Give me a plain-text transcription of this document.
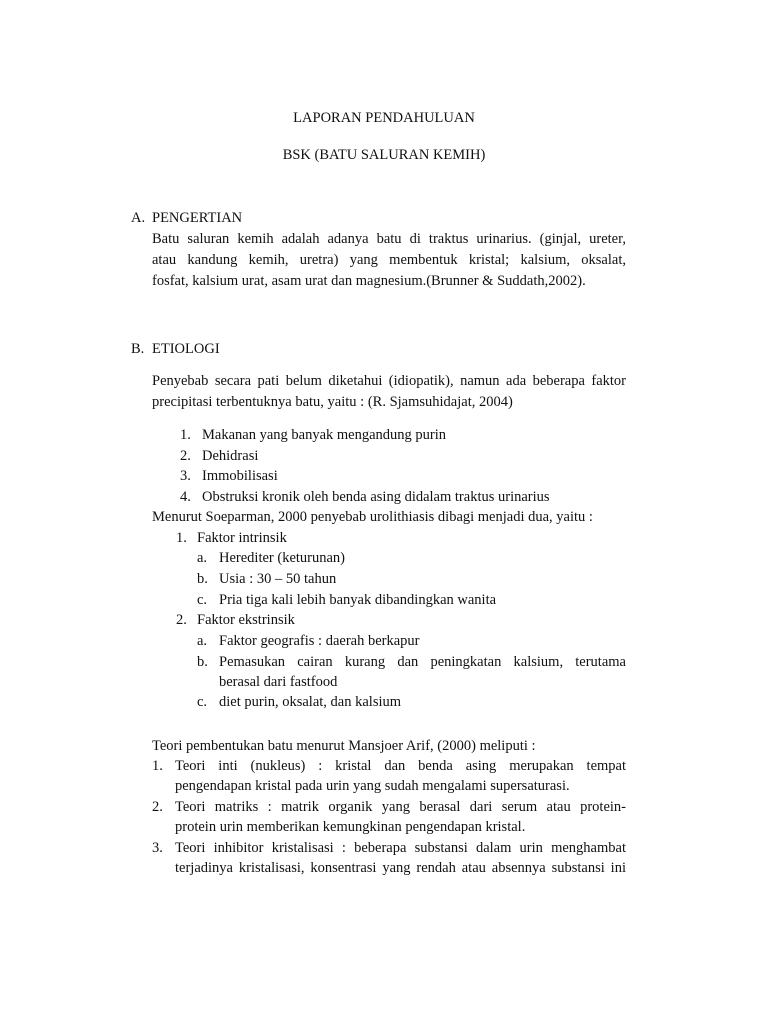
LAPORAN PENDAHULUAN
BSK (BATU SALURAN KEMIH)
A. PENGERTIAN
Batu saluran kemih adalah adanya batu di traktus urinarius. (ginjal, ureter,
atau kandung kemih, uretra) yang membentuk kristal; kalsium, oksalat,
fosfat, kalsium urat, asam urat dan magnesium.(Brunner & Suddath,2002).
B. ETIOLOGI
Penyebab secara pati belum diketahui (idiopatik), namun ada beberapa faktor
precipitasi terbentuknya batu, yaitu : (R. Sjamsuhidajat, 2004)
1. Makanan yang banyak mengandung purin
2. Dehidrasi
3. Immobilisasi
4. Obstruksi kronik oleh benda asing didalam traktus urinarius
Menurut Soeparman, 2000 penyebab urolithiasis dibagi menjadi dua, yaitu :
1. Faktor intrinsik
a. Herediter (keturunan)
b. Usia : 30 – 50 tahun
c. Pria tiga kali lebih banyak dibandingkan wanita
2. Faktor ekstrinsik
a. Faktor geografis : daerah berkapur
b. Pemasukan cairan kurang dan peningkatan kalsium, terutama
berasal dari fastfood
c. diet purin, oksalat, dan kalsium
Teori pembentukan batu menurut Mansjoer Arif, (2000) meliputi :
1. Teori inti (nukleus) : kristal dan benda asing merupakan tempat
pengendapan kristal pada urin yang sudah mengalami supersaturasi.
2. Teori matriks : matrik organik yang berasal dari serum atau protein-
protein urin memberikan kemungkinan pengendapan kristal.
3. Teori inhibitor kristalisasi : beberapa substansi dalam urin menghambat
terjadinya kristalisasi, konsentrasi yang rendah atau absennya substansi ini
